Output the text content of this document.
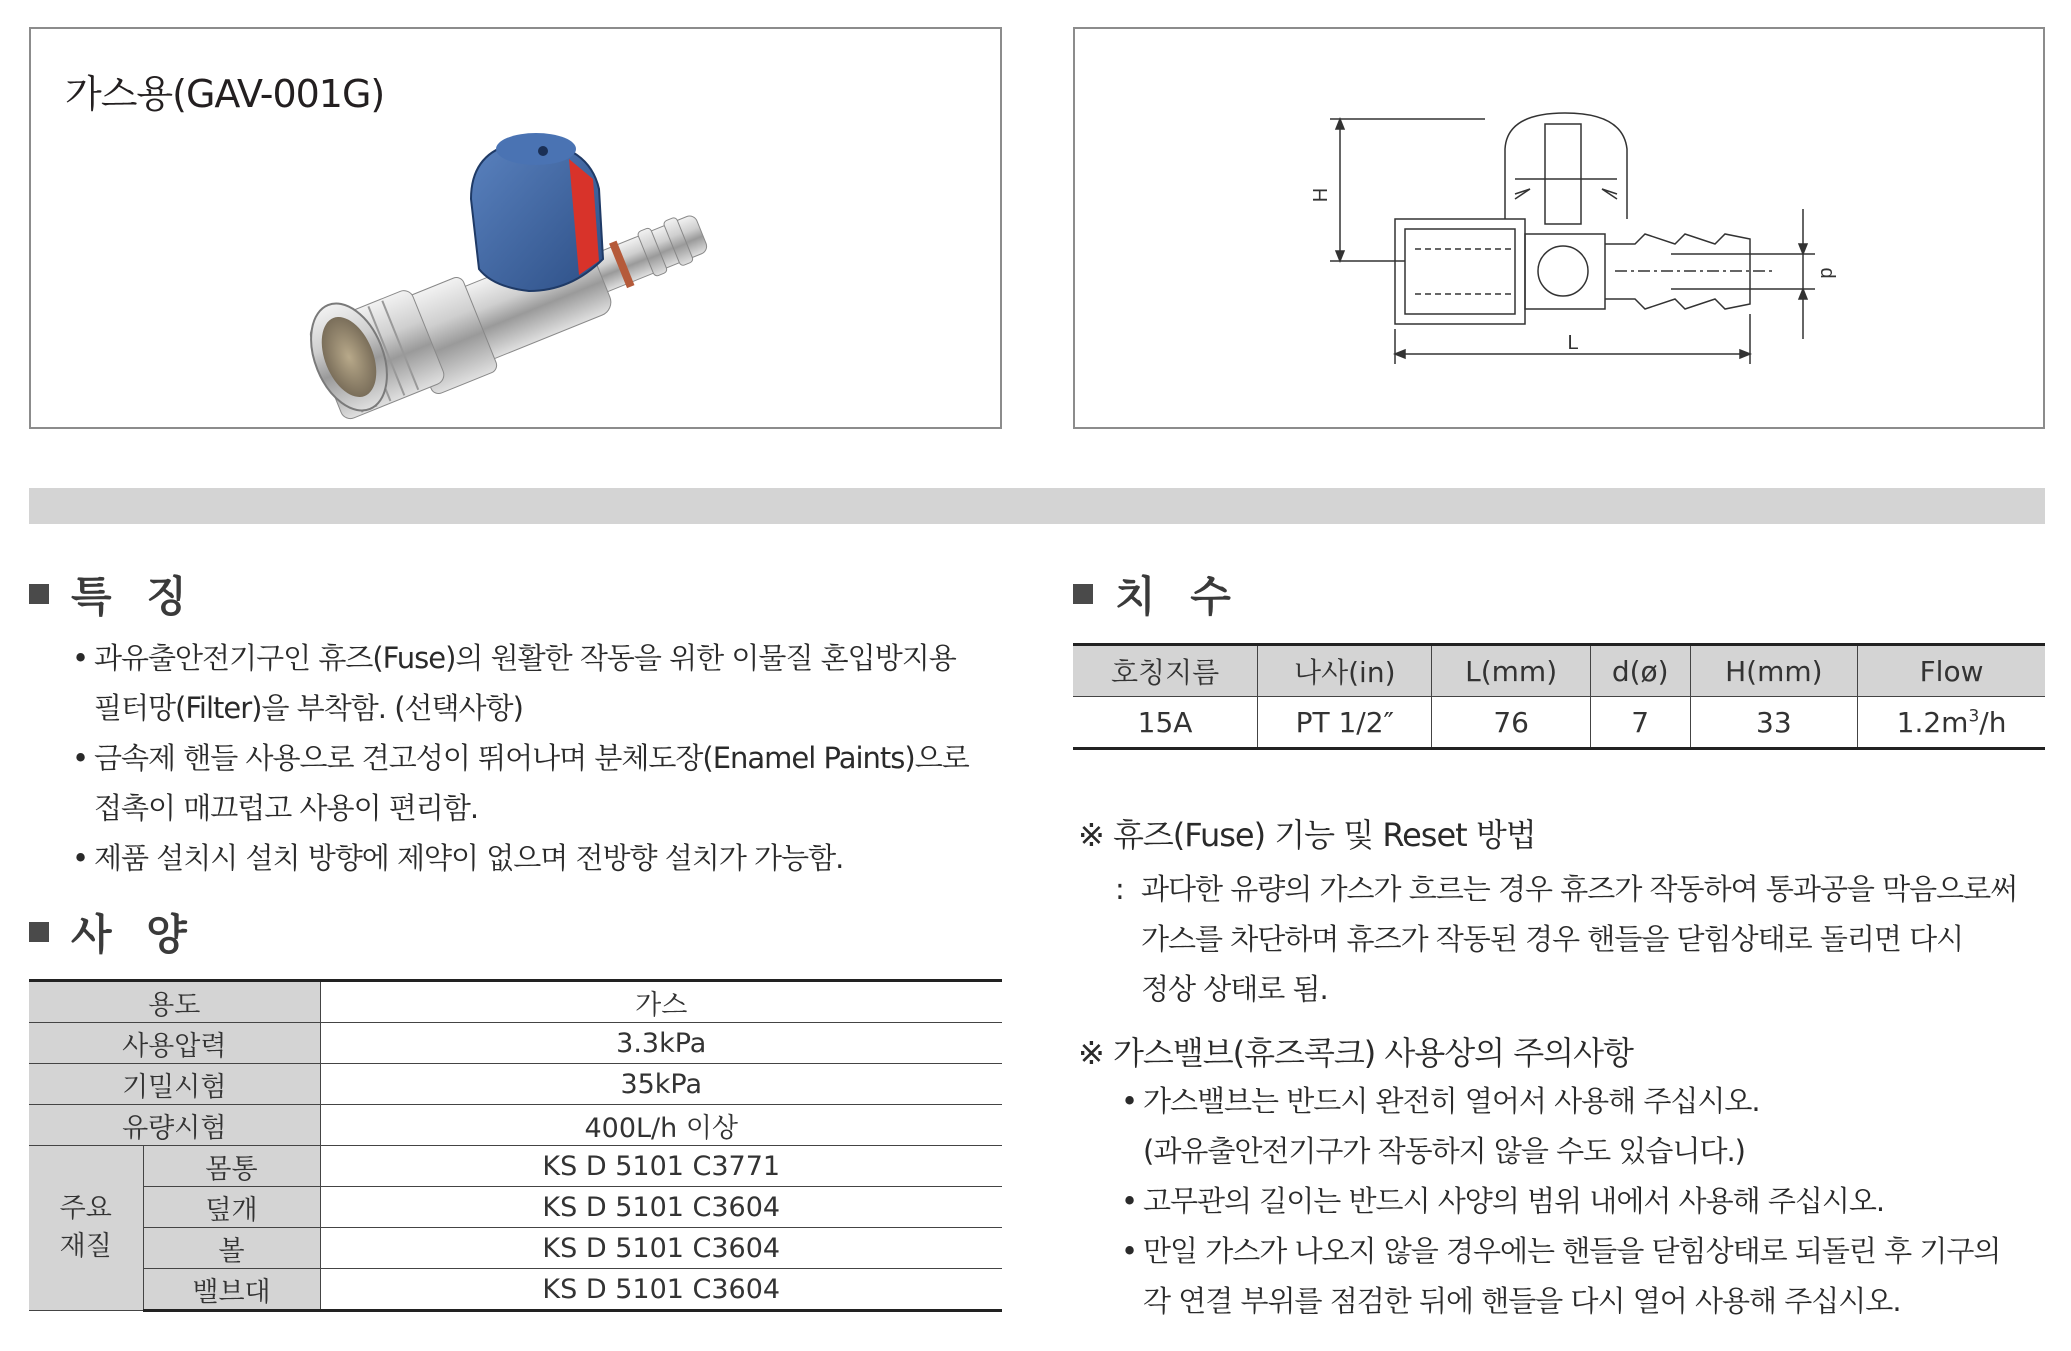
가스용(GAV-001G)
H
d
L
특 징
• 과유출안전기구인 휴즈(Fuse)의 원활한 작동을 위한 이물질 혼입방지용
필터망(Filter)을 부착함. (선택사항)
• 금속제 핸들 사용으로 견고성이 뛰어나며 분체도장(Enamel Paints)으로
접촉이 매끄럽고 사용이 편리함.
• 제품 설치시 설치 방향에 제약이 없으며 전방향 설치가 가능함.
사 양
용도		가스
사용압력		3.3kPa
기밀시험		35kPa
유량시험		400L/h 이상
주요
재질	몸통	KS D 5101 C3771
	덮개	KS D 5101 C3604
	볼	KS D 5101 C3604
	밸브대	KS D 5101 C3604
치 수
호칭지름	나사(in)	L(mm)	d(ø)	H(mm)	Flow
15A	PT 1/2″	76	7	33	$1.2m^3/h$
※ 휴즈(Fuse) 기능 및 Reset 방법
: 과다한 유량의 가스가 흐르는 경우 휴즈가 작동하여 통과공을 막음으로써
가스를 차단하며 휴즈가 작동된 경우 핸들을 닫힘상태로 돌리면 다시
정상 상태로 됨.
※ 가스밸브(휴즈콕크) 사용상의 주의사항
• 가스밸브는 반드시 완전히 열어서 사용해 주십시오.
(과유출안전기구가 작동하지 않을 수도 있습니다.)
• 고무관의 길이는 반드시 사양의 범위 내에서 사용해 주십시오.
• 만일 가스가 나오지 않을 경우에는 핸들을 닫힘상태로 되돌린 후 기구의
각 연결 부위를 점검한 뒤에 핸들을 다시 열어 사용해 주십시오.
